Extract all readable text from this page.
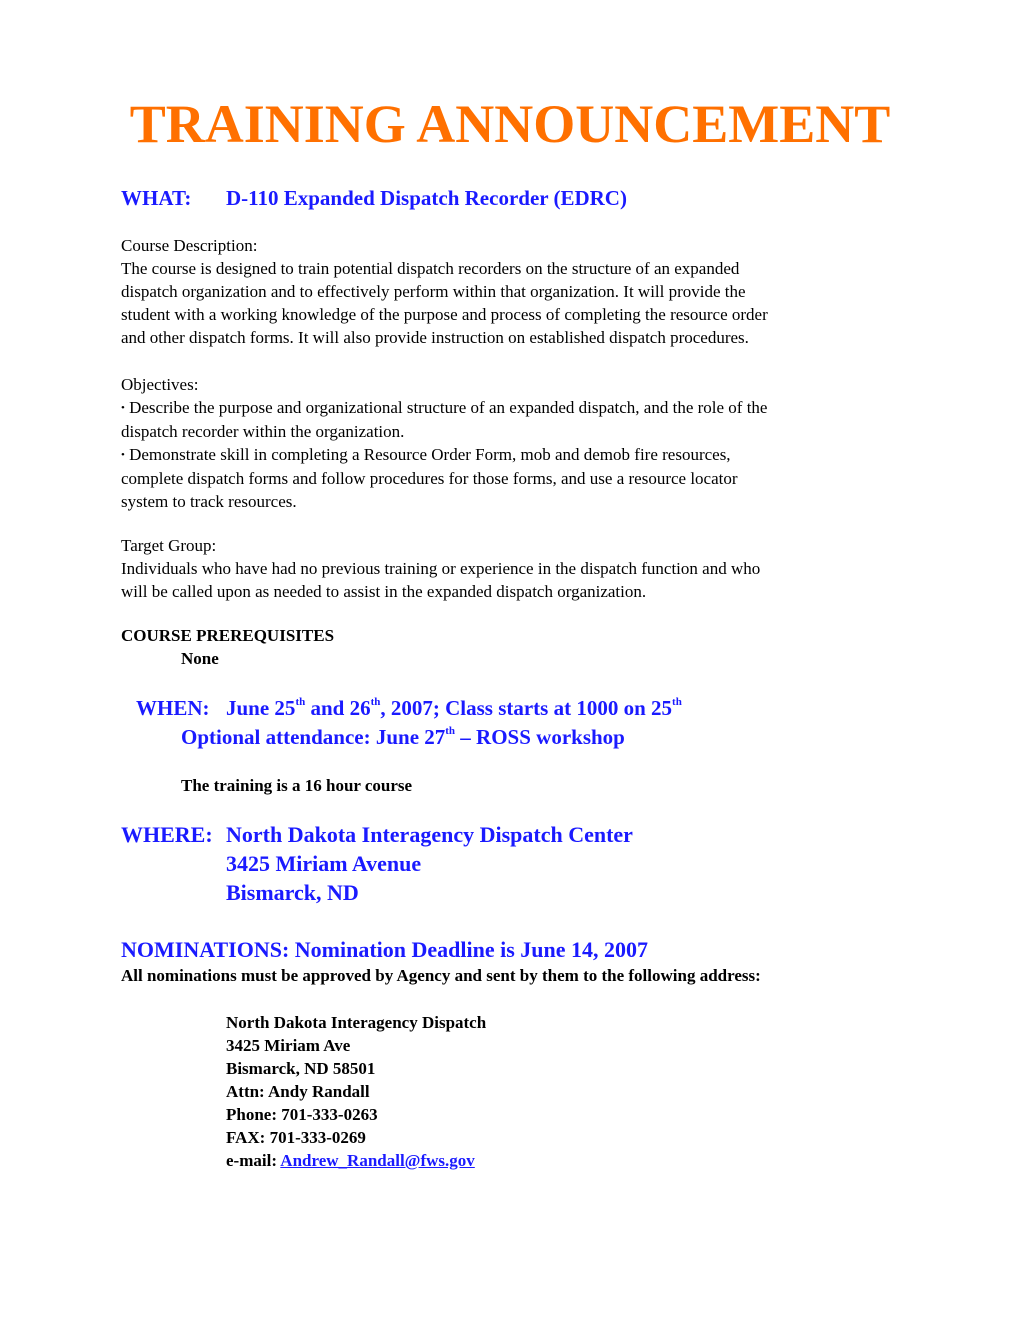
TRAINING ANNOUNCEMENT
WHAT: D-110 Expanded Dispatch Recorder (EDRC)
Course Description:
The course is designed to train potential dispatch recorders on the structure of an expanded
dispatch organization and to effectively perform within that organization. It will provide the
student with a working knowledge of the purpose and process of completing the resource order
and other dispatch forms. It will also provide instruction on established dispatch procedures.
Objectives:
• Describe the purpose and organizational structure of an expanded dispatch, and the role of the
dispatch recorder within the organization.
• Demonstrate skill in completing a Resource Order Form, mob and demob fire resources,
complete dispatch forms and follow procedures for those forms, and use a resource locator
system to track resources.
Target Group:
Individuals who have had no previous training or experience in the dispatch function and who
will be called upon as needed to assist in the expanded dispatch organization.
COURSE PREREQUISITES
None
WHEN: June 25th and 26th, 2007; Class starts at 1000 on 25th
Optional attendance: June 27th – ROSS workshop
The training is a 16 hour course
WHERE: North Dakota Interagency Dispatch Center
3425 Miriam Avenue
Bismarck, ND
NOMINATIONS: Nomination Deadline is June 14, 2007
All nominations must be approved by Agency and sent by them to the following address:
North Dakota Interagency Dispatch
3425 Miriam Ave
Bismarck, ND 58501
Attn: Andy Randall
Phone: 701-333-0263
FAX: 701-333-0269
e-mail: Andrew_Randall@fws.gov
